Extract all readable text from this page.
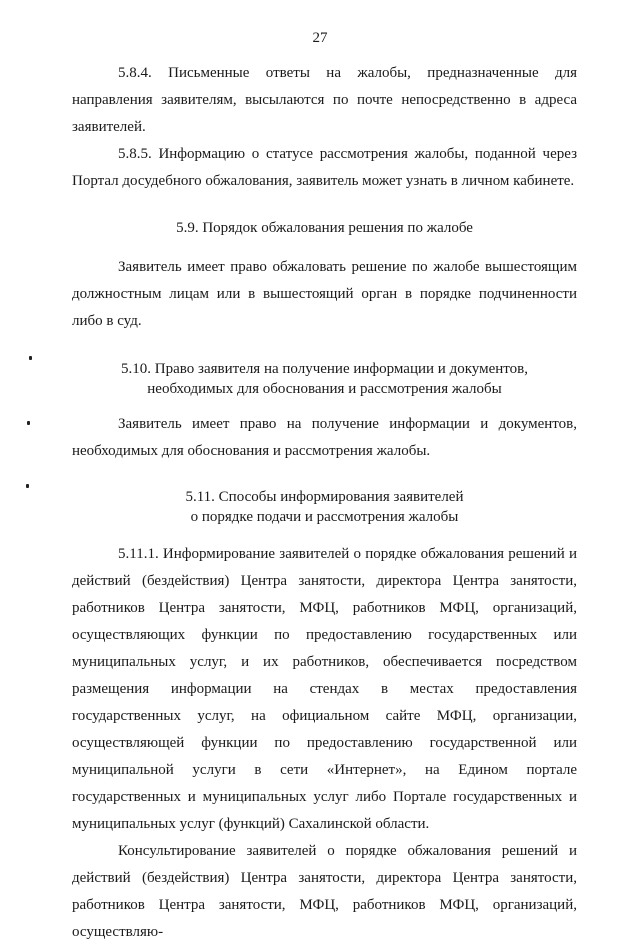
27

5.8.4. Письменные ответы на жалобы, предназначенные для направления заявителям, высылаются по почте непосредственно в адреса заявителей.

5.8.5. Информацию о статусе рассмотрения жалобы, поданной через Портал досудебного обжалования, заявитель может узнать в личном кабинете.

5.9. Порядок обжалования решения по жалобе

Заявитель имеет право обжаловать решение по жалобе вышестоящим должностным лицам или в вышестоящий орган в порядке подчиненности либо в суд.

5.10. Право заявителя на получение информации и документов,
необходимых для обоснования и рассмотрения жалобы

Заявитель имеет право на получение информации и документов, необходимых для обоснования и рассмотрения жалобы.

5.11. Способы информирования заявителей
о порядке подачи и рассмотрения жалобы

5.11.1. Информирование заявителей о порядке обжалования решений и действий (бездействия) Центра занятости, директора Центра занятости, работников Центра занятости, МФЦ, работников МФЦ, организаций, осуществляющих функции по предоставлению государственных или муниципальных услуг, и их работников, обеспечивается посредством размещения информации на стендах в местах предоставления государственных услуг, на официальном сайте МФЦ, организации, осуществляющей функции по предоставлению государственной или муниципальной услуги в сети «Интернет», на Едином портале государственных и муниципальных услуг либо Портале государственных и муниципальных услуг (функций) Сахалинской области.

Консультирование заявителей о порядке обжалования решений и действий (бездействия) Центра занятости, директора Центра занятости, работников Центра занятости, МФЦ, работников МФЦ, организаций, осуществляю-
